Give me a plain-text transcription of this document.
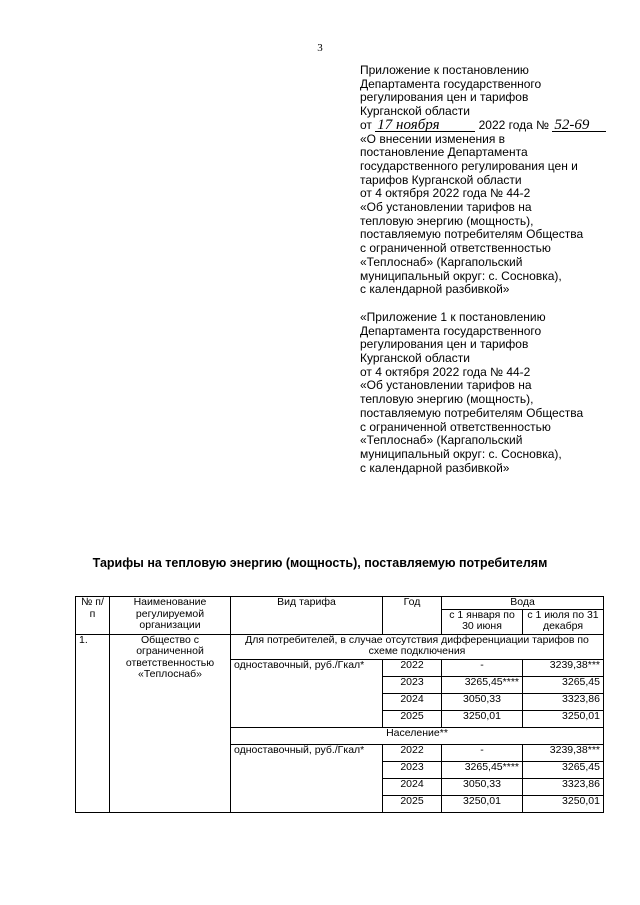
3

Приложение к постановлению

Департамента государственного

регулирования цен и тарифов

Курганской области

от 17 ноября	2022 года № 52-69

«О внесении изменения в

постановление Департамента

государственного регулирования цен и

тарифов Курганской области

от 4 октября 2022 года № 44-2

«Об установлении тарифов на

тепловую энергию (мощность),

поставляемую потребителям Общества

с ограниченной ответственностью

«Теплоснаб» (Каргапольский

муниципальный округ: с. Сосновка),

с календарной разбивкой»

«Приложение 1 к постановлению

Департамента государственного

регулирования цен и тарифов

Курганской области

от 4 октября 2022 года № 44-2

«Об установлении тарифов на

тепловую энергию (мощность),

поставляемую потребителям Общества

с ограниченной ответственностью

«Теплоснаб» (Каргапольский

муниципальный округ: с. Сосновка),

с календарной разбивкой»

Тарифы на тепловую энергию (мощность), поставляемую потребителям
№ п/п	Наименование регулируемой организации	Вид тарифа	Год	Вода	
				с 1 января по 30 июня	с 1 июля по 31 декабря
1.	Общество с ограниченной ответственностью «Теплоснаб»	Для потребителей, в случае отсутствия дифференциации тарифов по схеме подключения			
		одноставочный, руб./Гкал*	2022	-	3239,38***
			2023	3265,45****	3265,45
			2024	3050,33	3323,86
			2025	3250,01	3250,01
		Население**			
		одноставочный, руб./Гкал*	2022	-	3239,38***
			2023	3265,45****	3265,45
			2024	3050,33	3323,86
			2025	3250,01	3250,01
